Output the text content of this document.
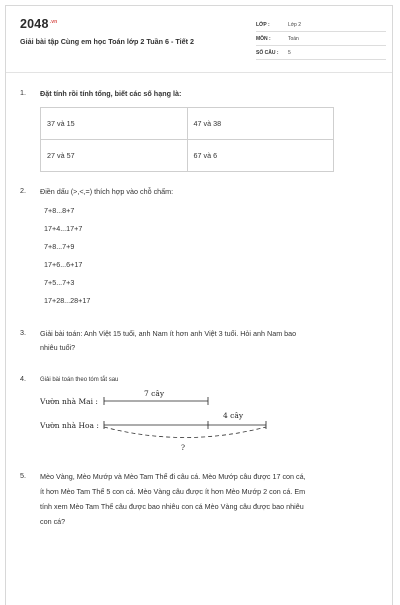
$2048^{.vn}$
Giải bài tập Cùng em học Toán lớp 2 Tuần 6 - Tiết 2
LỚP :	Lớp 2
MÔN :	Toán
SỐ CÂU : 5
1. Đặt tính rồi tính tổng, biết các số hạng là:
37 và 15	47 và 38
27 và 57	67 và 6
2. Điền dấu (>,<,=) thích hợp vào chỗ chấm:
7+8...8+7
17+4...17+7
7+8...7+9
17+6...6+17
7+5...7+3
17+28...28+17
3. Giải bài toán: Anh Việt 15 tuổi, anh Nam ít hơn anh Việt 3 tuổi. Hỏi anh Nam bao
nhiêu tuổi?
4. Giải bài toán theo tóm tắt sau
Vườn nhà Mai :
Vườn nhà Hoa :
7 cây
4 cây
?
5. Mèo Vàng, Mèo Mướp và Mèo Tam Thể đi câu cá. Mèo Mướp câu được 17 con cá,
ít hơn Mèo Tam Thể 5 con cá. Mèo Vàng câu được ít hơn Mèo Mướp 2 con cá. Em
tính xem Mèo Tam Thể câu được bao nhiêu con cá Mèo Vàng câu được bao nhiêu
con cá?
